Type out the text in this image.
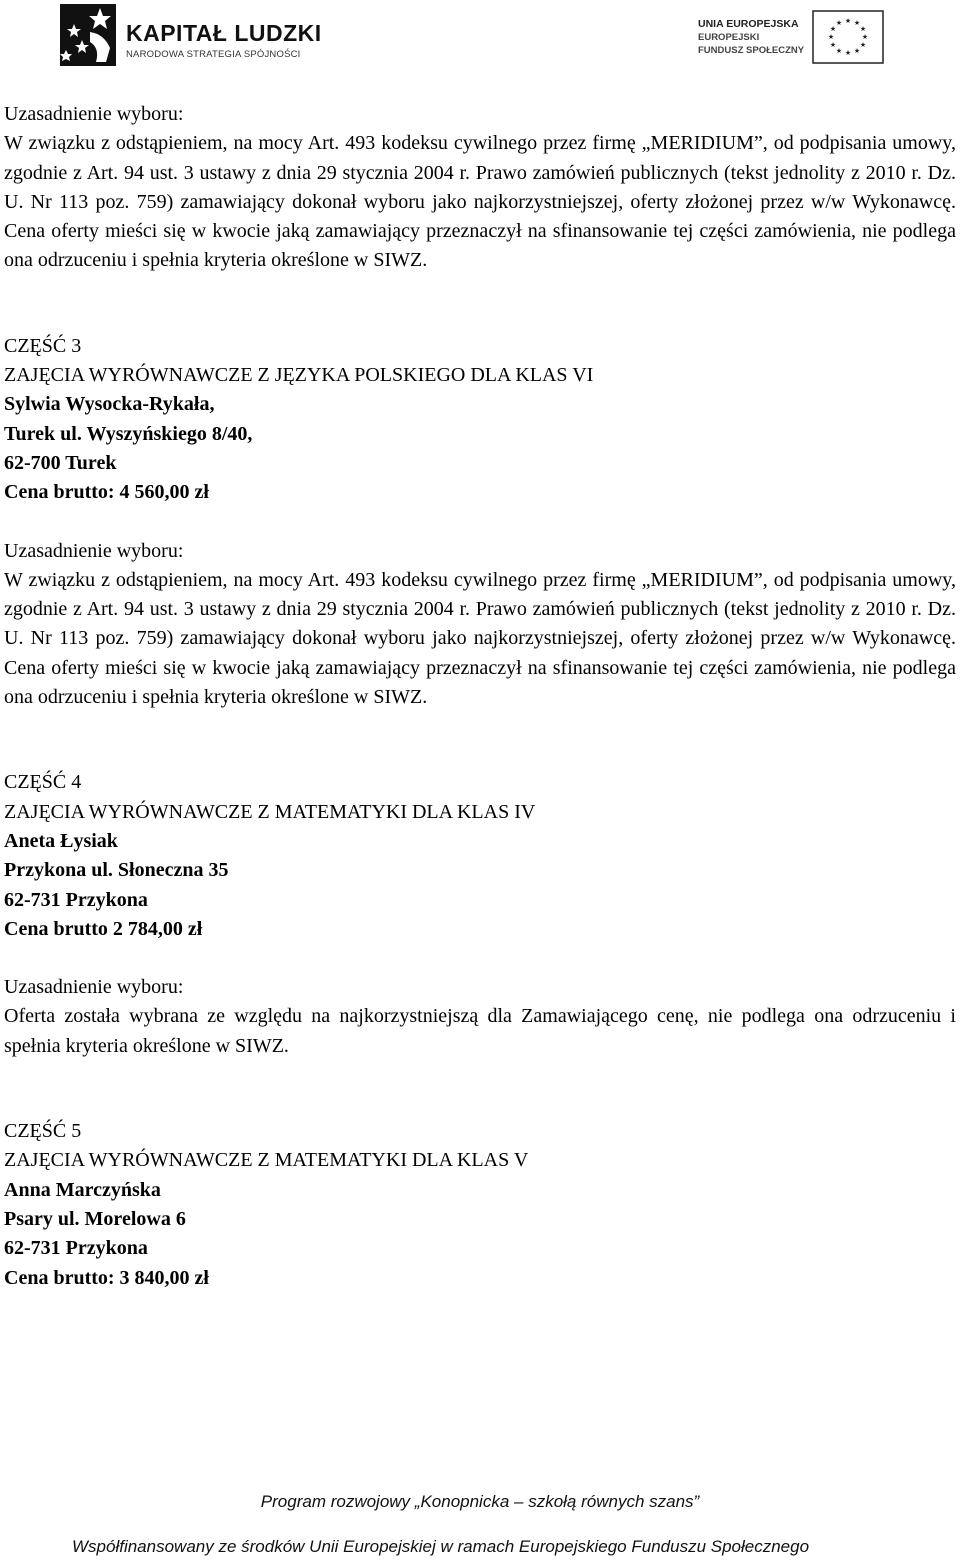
KAPITAŁ LUDZKI
NARODOWA STRATEGIA SPÓJNOŚCI
UNIA EUROPEJSKA
EUROPEJSKI
FUNDUSZ SPOŁECZNY
★ ★
★
★
★
★
★
★
★
★
★
★

Uzasadnienie wyboru:

W związku z odstąpieniem, na mocy Art. 493 kodeksu cywilnego przez firmę „MERIDIUM”, od podpisania umowy, zgodnie z Art. 94 ust. 3 ustawy z dnia 29 stycznia 2004 r. Prawo zamówień publicznych (tekst jednolity z 2010 r. Dz. U. Nr 113 poz. 759) zamawiający dokonał wyboru jako najkorzystniejszej, oferty złożonej przez w/w Wykonawcę. Cena oferty mieści się w kwocie jaką zamawiający przeznaczył na sfinansowanie tej części zamówienia, nie podlega ona odrzuceniu i spełnia kryteria określone w SIWZ.

CZĘŚĆ 3

ZAJĘCIA WYRÓWNAWCZE Z JĘZYKA POLSKIEGO DLA KLAS VI

Sylwia Wysocka-Rykała,

Turek ul. Wyszyńskiego 8/40,

62-700 Turek

Cena brutto: 4 560,00 zł

Uzasadnienie wyboru:

W związku z odstąpieniem, na mocy Art. 493 kodeksu cywilnego przez firmę „MERIDIUM”, od podpisania umowy, zgodnie z Art. 94 ust. 3 ustawy z dnia 29 stycznia 2004 r. Prawo zamówień publicznych (tekst jednolity z 2010 r. Dz. U. Nr 113 poz. 759) zamawiający dokonał wyboru jako najkorzystniejszej, oferty złożonej przez w/w Wykonawcę. Cena oferty mieści się w kwocie jaką zamawiający przeznaczył na sfinansowanie tej części zamówienia, nie podlega ona odrzuceniu i spełnia kryteria określone w SIWZ.

CZĘŚĆ 4

ZAJĘCIA WYRÓWNAWCZE Z MATEMATYKI DLA KLAS IV

Aneta Łysiak

Przykona ul. Słoneczna 35

62-731 Przykona

Cena brutto 2 784,00 zł

Uzasadnienie wyboru:

Oferta została wybrana ze względu na najkorzystniejszą dla Zamawiającego cenę, nie podlega ona odrzuceniu i spełnia kryteria określone w SIWZ.

CZĘŚĆ 5

ZAJĘCIA WYRÓWNAWCZE Z MATEMATYKI DLA KLAS V

Anna Marczyńska

Psary ul. Morelowa 6

62-731 Przykona

Cena brutto: 3 840,00 zł

Program rozwojowy „Konopnicka – szkołą równych szans”
Współfinansowany ze środków Unii Europejskiej w ramach Europejskiego Funduszu Społecznego
